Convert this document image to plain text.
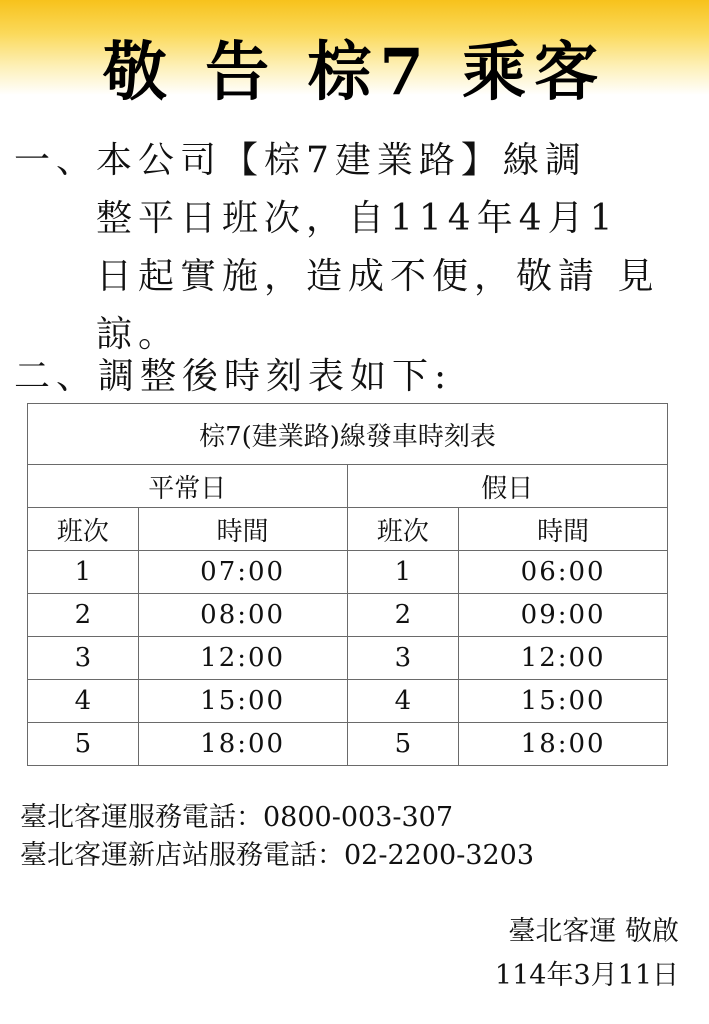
敬 告 棕7 乘客
一、本公司【棕7建業路】線調
整平日班次，自114年4月1
日起實施，造成不便，敬請 見
諒。
二、調整後時刻表如下:
棕7(建業路)線發車時刻表			
平常日		假日	
班次	時間	班次	時間
1	07:00	1	06:00
2	08:00	2	09:00
3	12:00	3	12:00
4	15:00	4	15:00
5	18:00	5	18:00
臺北客運服務電話：0800-003-307
臺北客運新店站服務電話：02-2200-3203
臺北客運 敬啟
114年3月11日
